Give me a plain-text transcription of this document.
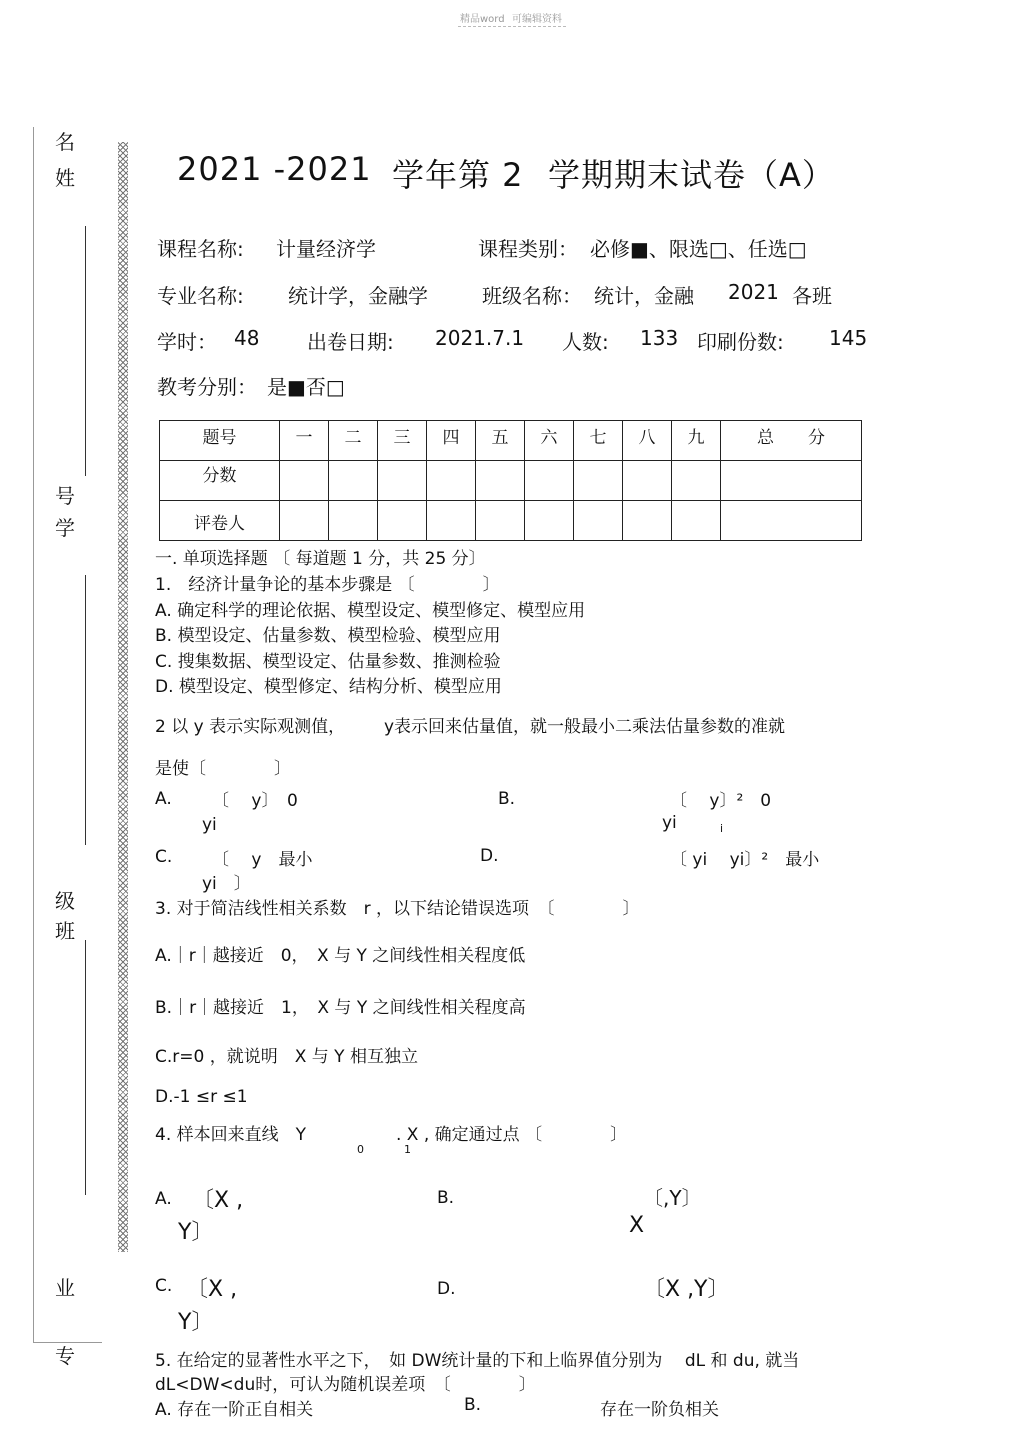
精品word 可编辑资料
名
姓
号
学
级
班
业
专
2021 -2021 学年第 2 学期期末试卷（A）
课程名称: 计量经济学	课程类别： 必修■、限选□、任选□
专业名称: 统计学，金融学	班级名称： 统计，金融 2021 各班
学时： 48 出卷日期: 2021.7.1 人数: 133 印刷份数: 145
教考分别： 是■否□
题号	一	二	三	四	五	六	七	八	九	总　　分
分数										
评卷人										
一. 单项选择题 〔 每道题 1 分，共 25 分〕
1.　经济计量争论的基本步骤是 〔　　　　〕
A. 确定科学的理论依据、模型设定、模型修定、模型应用
B. 模型设定、估量参数、模型检验、模型应用
C. 搜集数据、模型设定、估量参数、推测检验
D. 模型设定、模型修定、结构分析、模型应用
2 以 y 表示实际观测值， y表示回来估量值，就一般最小二乘法估量参数的准就
是使〔　　　　〕
A. 〔　 y〕　0
yi
B.	〔　 y〕²　0
yi	i
C. 〔　 y　最小
yi　〕
D.	〔 yi　 yi〕²　最小
3. 对于简洁线性相关系数　r ，以下结论错误选项　〔　　　　〕
A.｜r｜越接近　0，　X 与 Y 之间线性相关程度低
B.｜r｜越接近　1，　X 与 Y 之间线性相关程度高
C.r=0 ，就说明　X 与 Y 相互独立
D.-1 ≤r ≤1
4. 样本回来直线　Y	. X , 确定通过点 〔　　　　〕
0	1
A. 〔X ,
Y〕
B.	〔,Y〕
X
C. 〔X ,
Y〕
D.	〔X ,Y〕
5. 在给定的显著性水平之下，　如 DW统计量的下和上临界值分别为　 dL 和 du, 就当
dL<DW<du时，可认为随机误差项　〔　　　　〕
A. 存在一阶正自相关	B.	存在一阶负相关
